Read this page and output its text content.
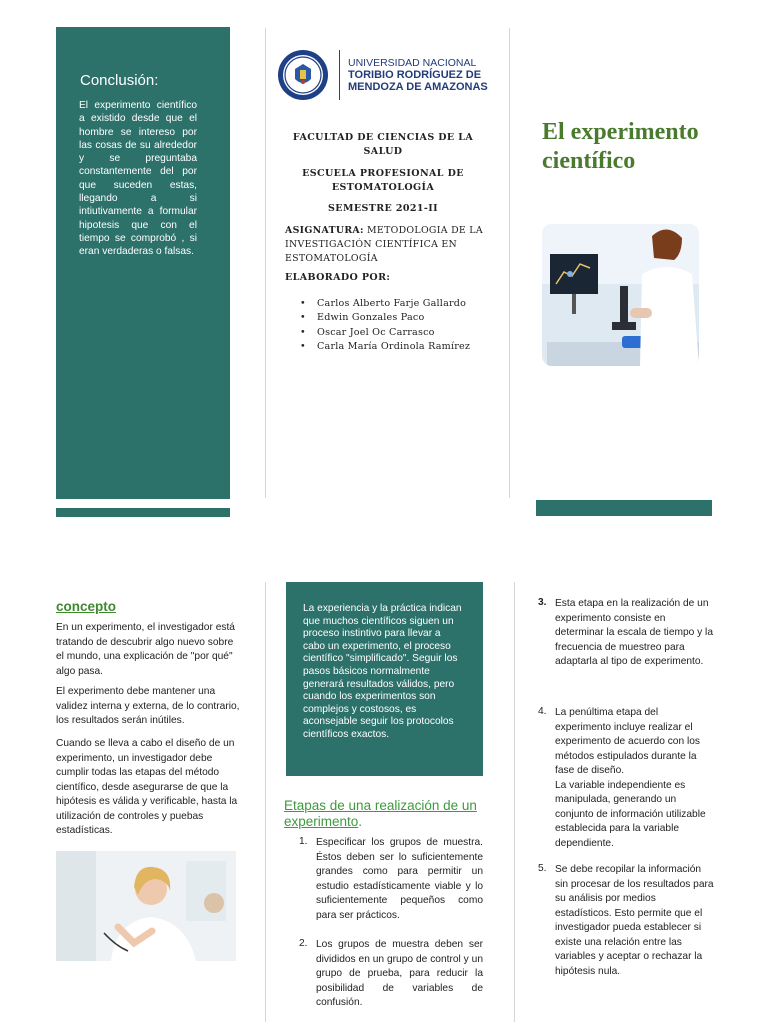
Conclusión:
El experimento científico a existido desde que el hombre se intereso por las cosas de su alrededor y se preguntaba constantemente del por que suceden estas, llegando a si intiutivamente a formular hipotesis que con el tiempo se comprobó , si eran verdaderas o falsas.
UNIVERSIDAD NACIONAL
TORIBIO RODRÍGUEZ DE
MENDOZA DE AMAZONAS
FACULTAD DE CIENCIAS DE LA SALUD
ESCUELA PROFESIONAL DE ESTOMATOLOGÍA
SEMESTRE 2021-II
ASIGNATURA: METODOLOGIA DE LA INVESTIGACIÓN CIENTÍFICA EN ESTOMATOLOGÍA
ELABORADO POR:
• Carlos Alberto Farje Gallardo
• Edwin Gonzales Paco
• Oscar Joel Oc Carrasco
• Carla María Ordinola Ramírez
El experimento científico
concepto
En un experimento, el investigador está tratando de descubrir algo nuevo sobre el mundo, una explicación de "por qué" algo pasa.
El experimento debe mantener una validez interna y externa, de lo contrario, los resultados serán inútiles.
Cuando se lleva a cabo el diseño de un experimento, un investigador debe cumplir todas las etapas del método científico, desde asegurarse de que la hipótesis es válida y verificable, hasta la utilización de controles y puebas estadísticas.
La experiencia y la práctica indican que muchos científicos siguen un proceso instintivo para llevar a cabo un experimento, el proceso científico "simplificado". Seguir los pasos básicos normalmente generará resultados válidos, pero cuando los experimentos son complejos y costosos, es aconsejable seguir los protocolos científicos exactos.
Etapas de una realización de un experimento.
1. Especificar los grupos de muestra. Éstos deben ser lo suficientemente grandes como para permitir un estudio estadísticamente viable y lo suficientemente pequeños como para ser prácticos.
2. Los grupos de muestra deben ser divididos en un grupo de control y un grupo de prueba, para reducir la posibilidad de variables de confusión.
3. Esta etapa en la realización de un experimento consiste en determinar la escala de tiempo y la frecuencia de muestreo para adaptarla al tipo de experimento.
4. La penúltima etapa del experimento incluye realizar el experimento de acuerdo con los métodos estipulados durante la fase de diseño.
La variable independiente es manipulada, generando un conjunto de información utilizable establecida para la variable dependiente.
5. Se debe recopilar la información sin procesar de los resultados para su análisis por medios estadísticos. Esto permite que el investigador pueda establecer si existe una relación entre las variables y aceptar o rechazar la hipótesis nula.
